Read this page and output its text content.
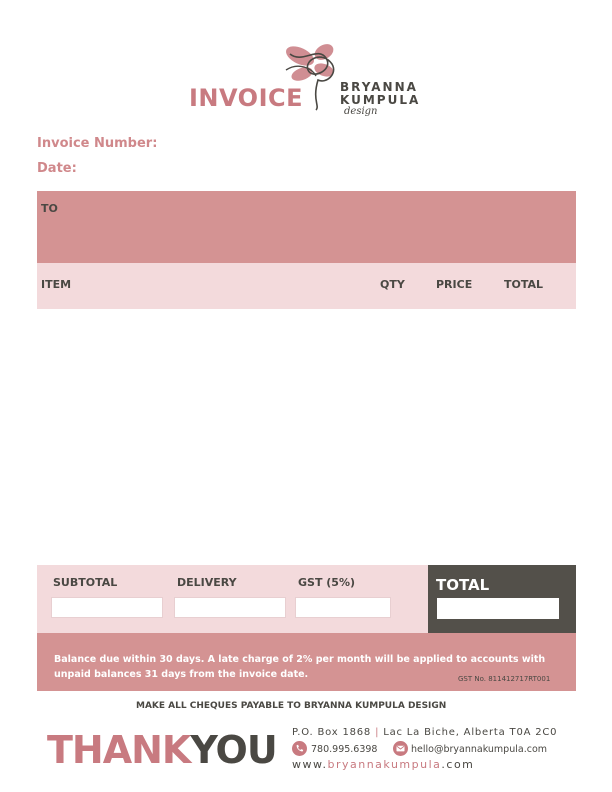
INVOICE	BRYANNA
KUMPULA
design
Invoice Number:
Date:
TO
ITEM	QTY	PRICE	TOTAL
SUBTOTAL	DELIVERY	GST (5%)	TOTAL
Balance due within 30 days. A late charge of 2% per month will be applied to accounts with unpaid balances 31 days from the invoice date.	GST No. 811412717RT001
MAKE ALL CHEQUES PAYABLE TO BRYANNA KUMPULA DESIGN
THANKYOU P.O. Box 1868 | Lac La Biche, Alberta T0A 2C0
780.995.6398	hello@bryannakumpula.com
www.bryannakumpula.com
